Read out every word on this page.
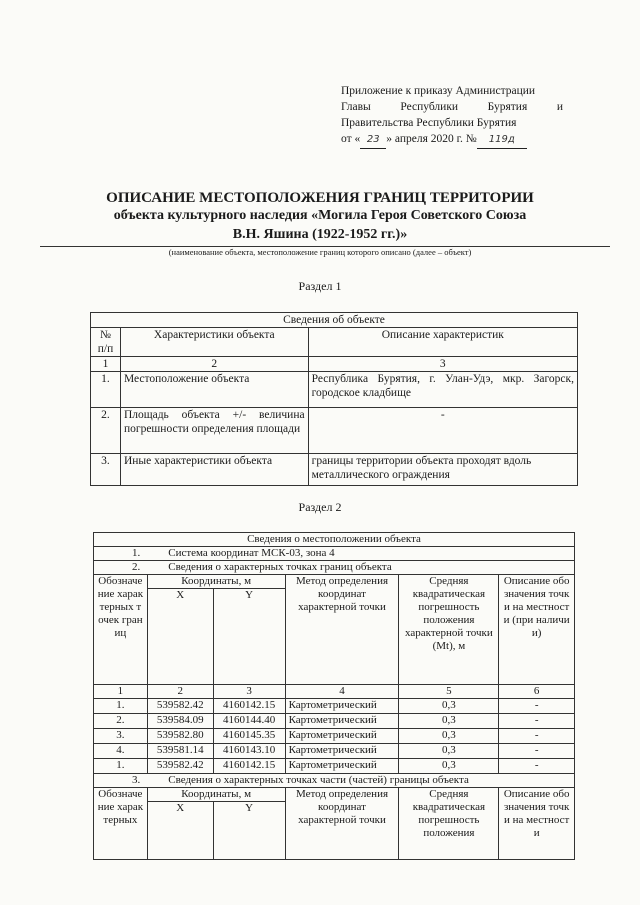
Приложение к приказу Администрации
Главы	Республики	Бурятия	и
Правительства Республики Бурятия
от « 23 » апреля 2020 г. № 119д
ОПИСАНИЕ МЕСТОПОЛОЖЕНИЯ ГРАНИЦ ТЕРРИТОРИИ
объекта культурного наследия «Могила Героя Советского Союза
В.Н. Яшина (1922-1952 гг.)»
(наименование объекта, местоположение границ которого описано (далее – объект)
Раздел 1
Сведения об объекте		
№ п/п	Характеристики объекта	Описание характеристик
1	2	3
1.	Местоположение объекта	Республика Бурятия, г. Улан-Удэ, мкр. Загорск, городское кладбище
2.	Площадь объекта +/- величина погрешности определения площади	-
3.	Иные характеристики объекта	границы территории объекта проходят вдоль металлического ограждения
Раздел 2
Сведения о местоположении объекта					
1. Система координат МСК-03, зона 4					
2. Сведения о характерных точках границ объекта					
Обозначение характерных точек границ	Координаты, м		Метод определения координат характерной точки	Средняя квадратическая погрешность положения характерной точки (Mt), м	Описание обозначения точки на местности (при наличии)
	X	Y			
1	2	3	4	5	6
1.	539582.42	4160142.15	Картометрический	0,3	-
2.	539584.09	4160144.40	Картометрический	0,3	-
3.	539582.80	4160145.35	Картометрический	0,3	-
4.	539581.14	4160143.10	Картометрический	0,3	-
1.	539582.42	4160142.15	Картометрический	0,3	-
3. Сведения о характерных точках части (частей) границы объекта					
Обозначение характерных	Координаты, м		Метод определения координат характерной точки	Средняя квадратическая погрешность положения	Описание обозначения точки на местности
	X	Y			
